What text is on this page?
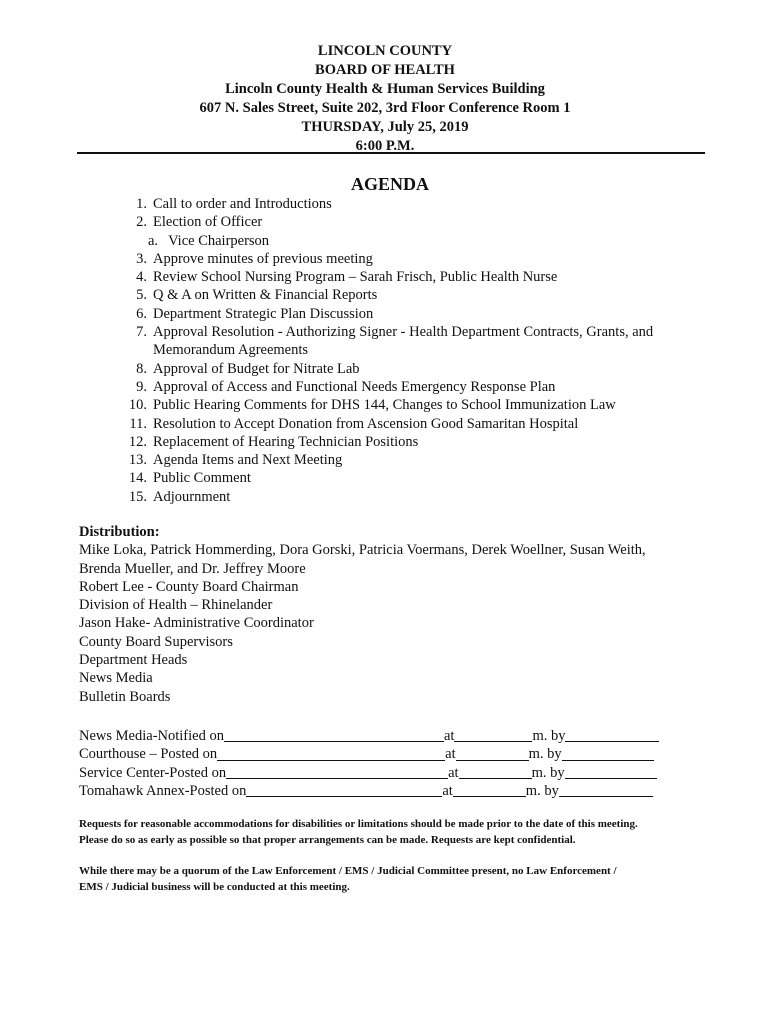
LINCOLN COUNTY
BOARD OF HEALTH
Lincoln County Health & Human Services Building
607 N. Sales Street, Suite 202, 3rd Floor Conference Room 1
THURSDAY, July 25, 2019
6:00 P.M.
AGENDA
1. Call to order and Introductions
2. Election of Officer
a. Vice Chairperson
3. Approve minutes of previous meeting
4. Review School Nursing Program – Sarah Frisch, Public Health Nurse
5. Q & A on Written & Financial Reports
6. Department Strategic Plan Discussion
7. Approval Resolution - Authorizing Signer - Health Department Contracts, Grants, and Memorandum Agreements
8. Approval of Budget for Nitrate Lab
9. Approval of Access and Functional Needs Emergency Response Plan
10. Public Hearing Comments for DHS 144, Changes to School Immunization Law
11. Resolution to Accept Donation from Ascension Good Samaritan Hospital
12. Replacement of Hearing Technician Positions
13. Agenda Items and Next Meeting
14. Public Comment
15. Adjournment
Distribution:
Mike Loka, Patrick Hommerding, Dora Gorski, Patricia Voermans, Derek Woellner, Susan Weith,
Brenda Mueller, and Dr. Jeffrey Moore
Robert Lee - County Board Chairman
Division of Health – Rhinelander
Jason Hake- Administrative Coordinator
County Board Supervisors
Department Heads
News Media
Bulletin Boards
News Media-Notified on	at	m. by
Courthouse – Posted on	at	m. by
Service Center-Posted on	at	m. by
Tomahawk Annex-Posted on	at	m. by
Requests for reasonable accommodations for disabilities or limitations should be made prior to the date of this meeting.
Please do so as early as possible so that proper arrangements can be made. Requests are kept confidential.
While there may be a quorum of the Law Enforcement / EMS / Judicial Committee present, no Law Enforcement /
EMS / Judicial business will be conducted at this meeting.
